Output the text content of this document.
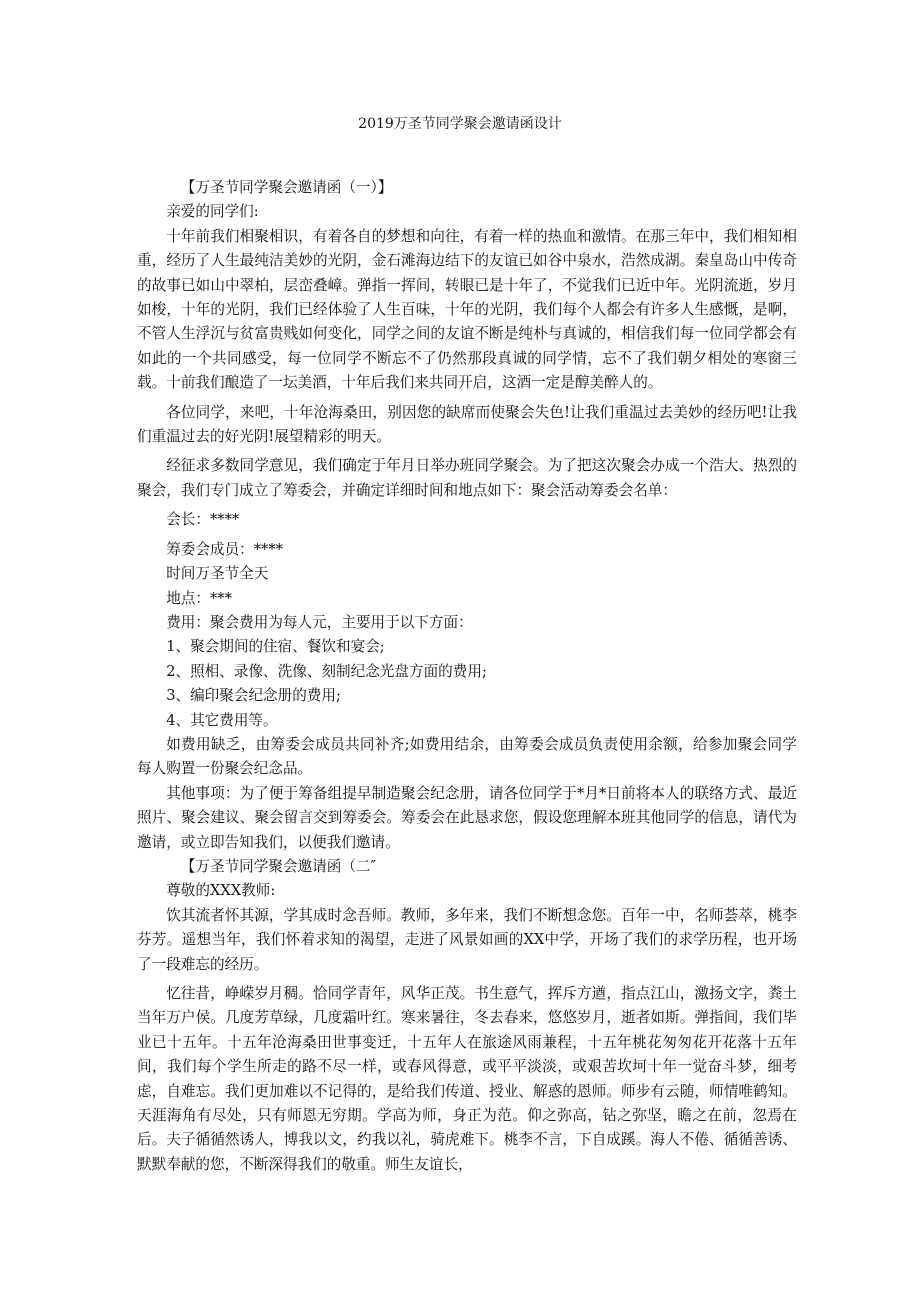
2019万圣节同学聚会邀请函设计

【万圣节同学聚会邀请函（一）】

亲爱的同学们:

十年前我们相聚相识，有着各自的梦想和向往，有着一样的热血和激情。在那三年中，我们相知相重，经历了人生最纯洁美妙的光阴，金石滩海边结下的友谊已如谷中泉水，浩然成湖。秦皇岛山中传奇的故事已如山中翠柏，层峦叠嶂。弹指一挥间，转眼已是十年了，不觉我们已近中年。光阴流逝，岁月如梭，十年的光阴，我们已经体验了人生百味，十年的光阴，我们每个人都会有许多人生感慨，是啊，不管人生浮沉与贫富贵贱如何变化，同学之间的友谊不断是纯朴与真诚的，相信我们每一位同学都会有如此的一个共同感受，每一位同学不断忘不了仍然那段真诚的同学情，忘不了我们朝夕相处的寒窗三载。十前我们酿造了一坛美酒，十年后我们来共同开启，这酒一定是醇美醉人的。

各位同学，来吧，十年沧海桑田，别因您的缺席而使聚会失色!让我们重温过去美妙的经历吧!让我们重温过去的好光阴!展望精彩的明天。

经征求多数同学意见，我们确定于年月日举办班同学聚会。为了把这次聚会办成一个浩大、热烈的聚会，我们专门成立了筹委会，并确定详细时间和地点如下：聚会活动筹委会名单：

会长：****

筹委会成员：****

时间万圣节全天

地点：***

费用：聚会费用为每人元，主要用于以下方面：

1、聚会期间的住宿、餐饮和宴会;

2、照相、录像、洗像、刻制纪念光盘方面的费用;

3、编印聚会纪念册的费用;

4、其它费用等。

如费用缺乏，由筹委会成员共同补齐;如费用结余，由筹委会成员负责使用余额，给参加聚会同学每人购置一份聚会纪念品。

其他事项：为了便于筹备组提早制造聚会纪念册，请各位同学于*月*日前将本人的联络方式、最近照片、聚会建议、聚会留言交到筹委会。筹委会在此恳求您，假设您理解本班其他同学的信息，请代为邀请，或立即告知我们，以便我们邀请。

【万圣节同学聚会邀请函（二″

尊敬的XXX教师:

饮其流者怀其源，学其成时念吾师。教师，多年来，我们不断想念您。百年一中，名师荟萃，桃李芬芳。遥想当年，我们怀着求知的渴望，走进了风景如画的XX中学，开场了我们的求学历程，也开场了一段难忘的经历。

忆往昔，峥嵘岁月稠。恰同学青年，风华正茂。书生意气，挥斥方遒，指点江山，激扬文字，粪土当年万户侯。几度芳草绿，几度霜叶红。寒来暑往，冬去春来，悠悠岁月，逝者如斯。弹指间，我们毕业已十五年。十五年沧海桑田世事变迁，十五年人在旅途风雨兼程，十五年桃花匆匆花开花落十五年间，我们每个学生所走的路不尽一样，或春风得意，或平平淡淡，或艰苦坎坷十年一觉奋斗梦，细考虑，自难忘。我们更加难以不记得的，是给我们传道、授业、解惑的恩师。师步有云随，师情唯鹤知。天涯海角有尽处，只有师恩无穷期。学高为师，身正为范。仰之弥高，钻之弥坚，瞻之在前，忽焉在后。夫子循循然诱人，博我以文，约我以礼，骑虎难下。桃李不言，下自成蹊。海人不倦、循循善诱、默默奉献的您，不断深得我们的敬重。师生友谊长，
